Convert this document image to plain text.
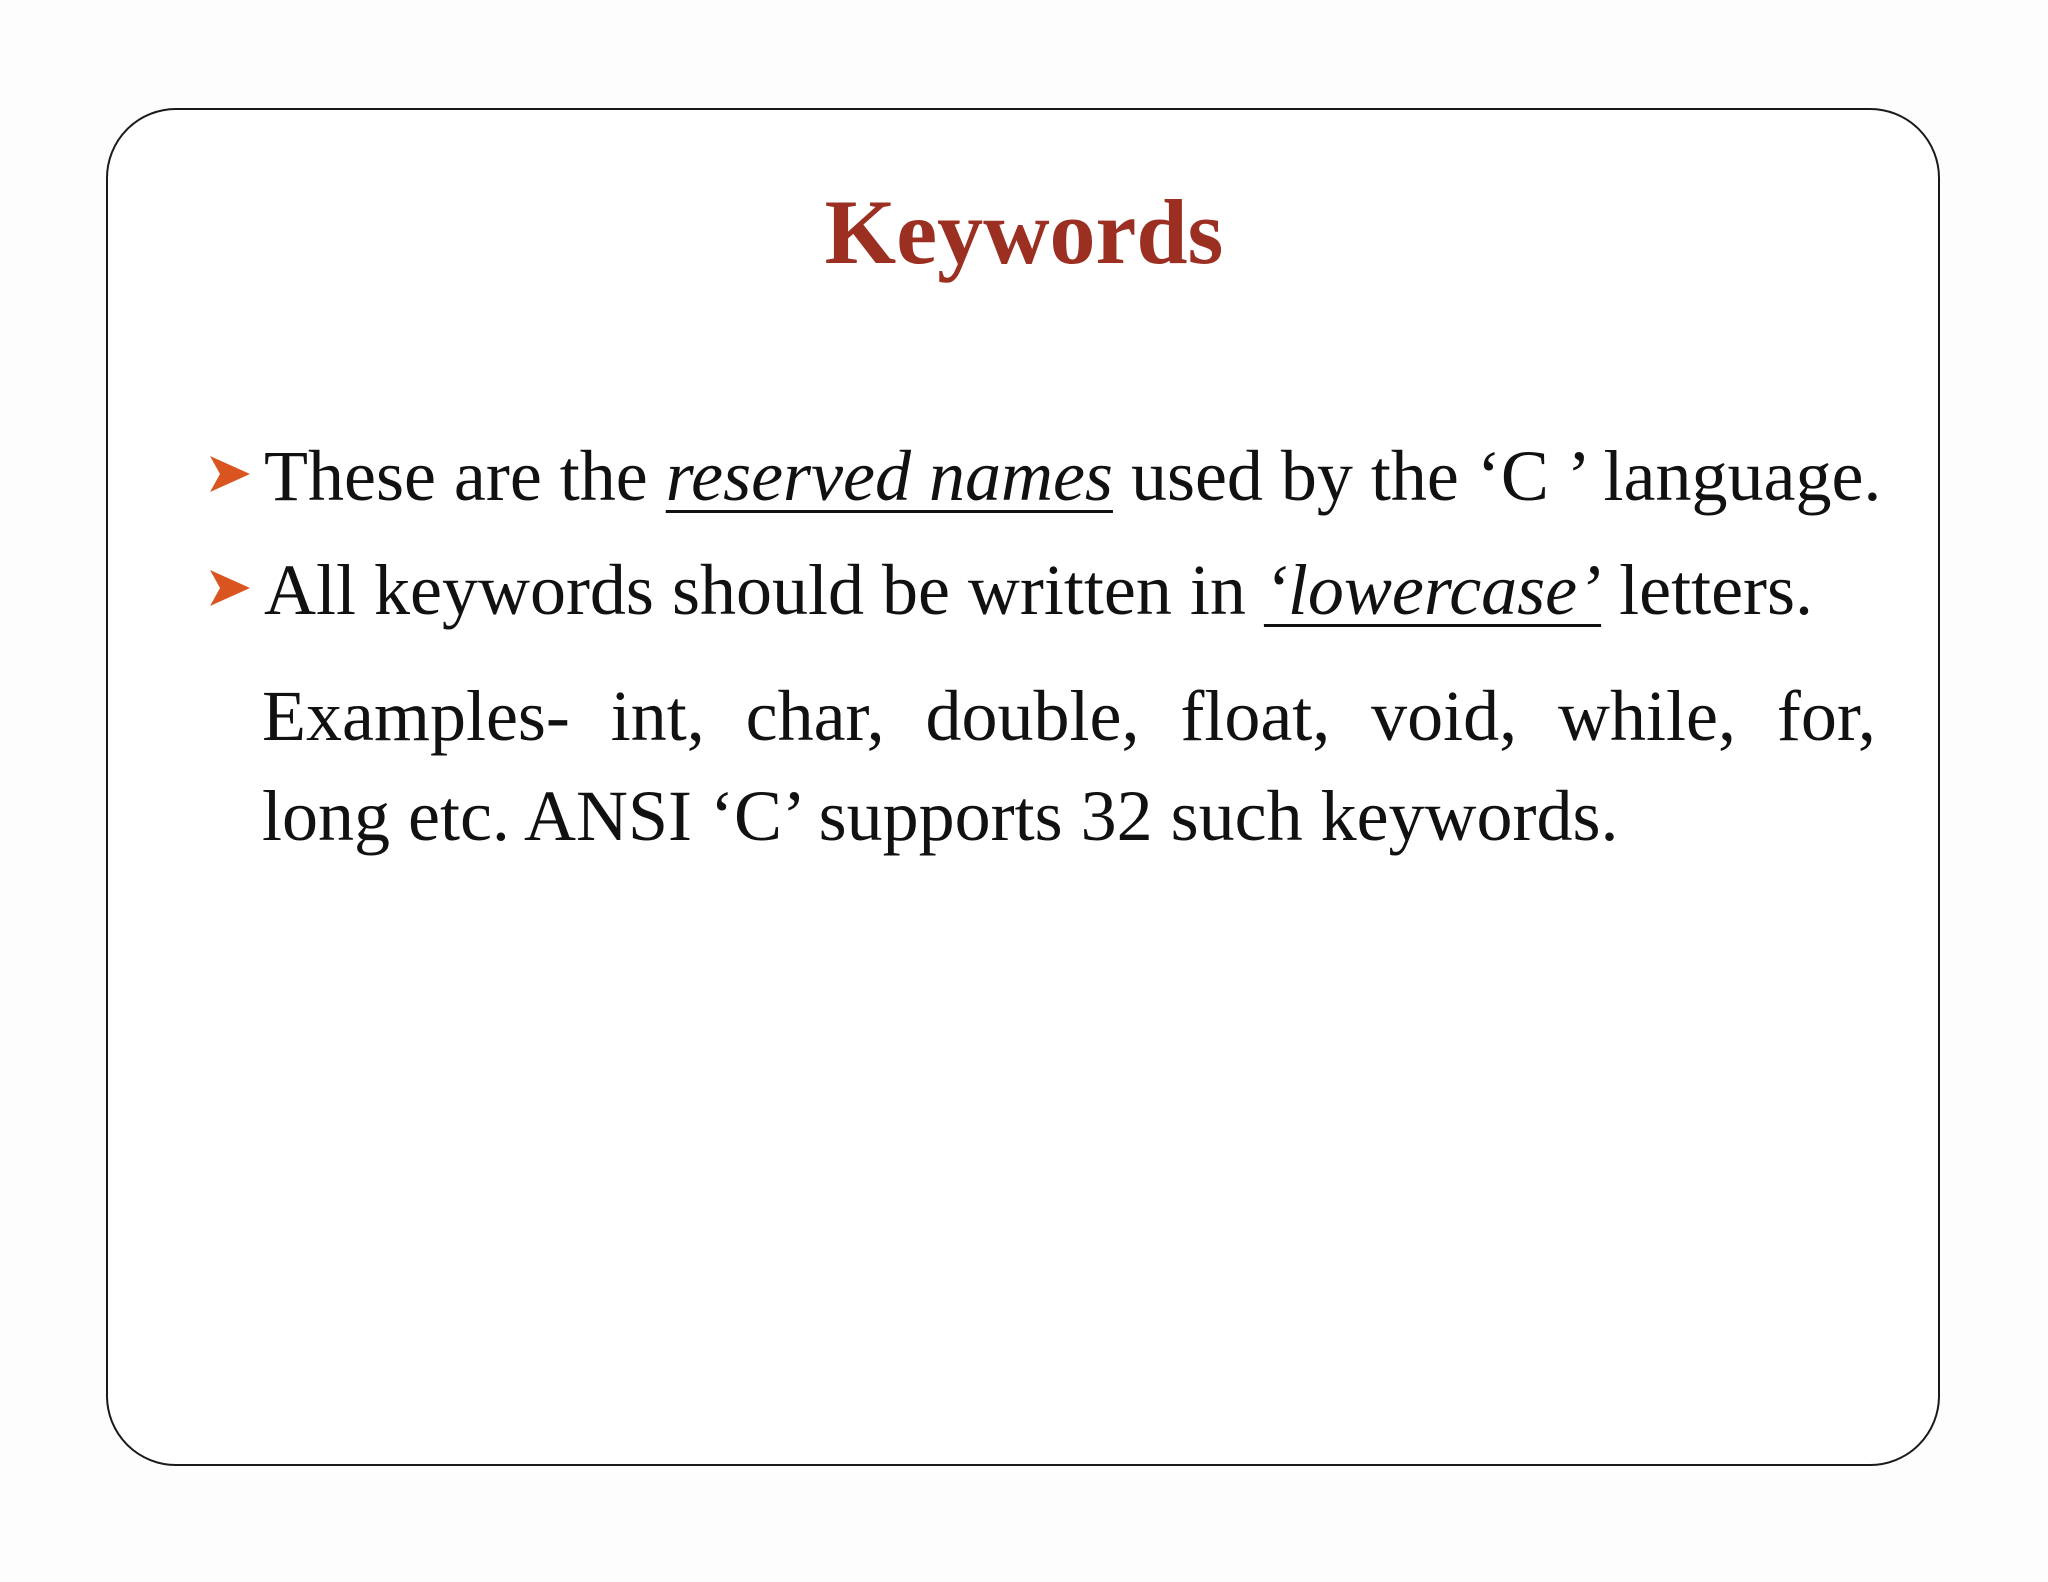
Keywords
These are the reserved names used by the ‘C ’ language.
All keywords should be written in ‘lowercase’ letters.
Examples- int, char, double, float, void, while, for,
long etc. ANSI ‘C’ supports 32 such keywords.
